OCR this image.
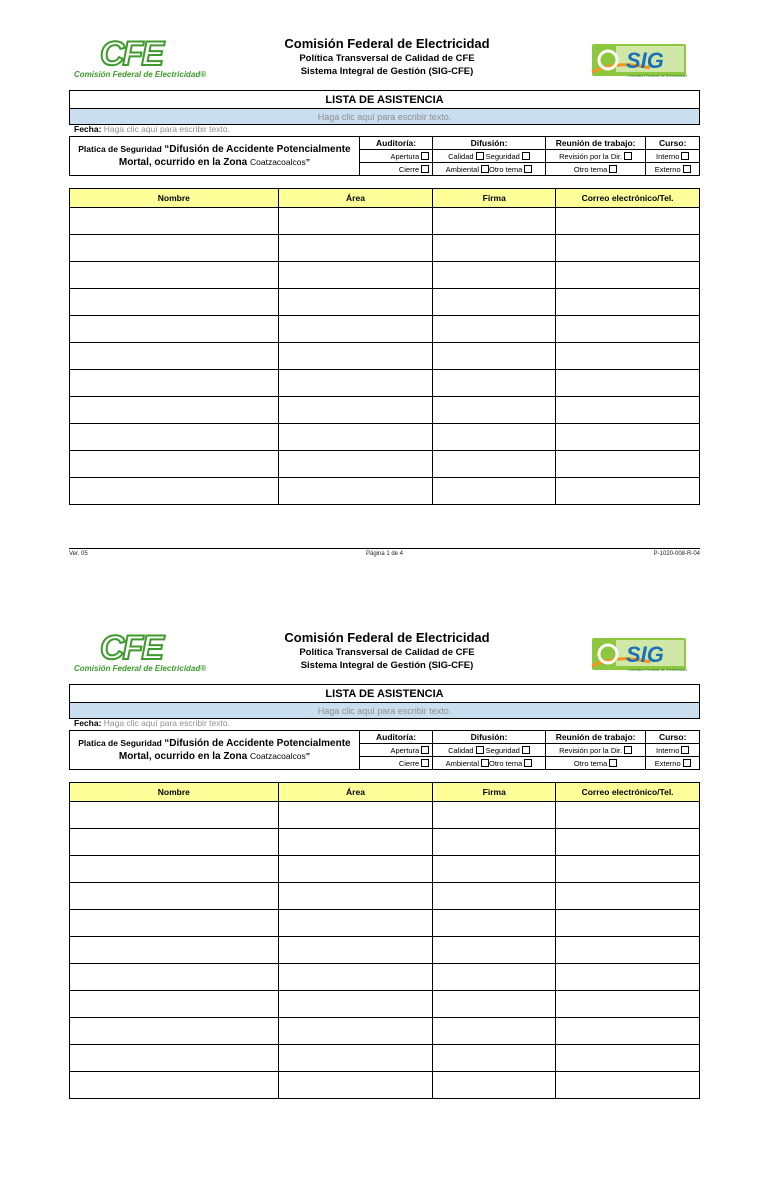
CFE
Comisión Federal de Electricidad®
Comisión Federal de Electricidad
Política Transversal de Calidad de CFE
Sistema Integral de Gestión (SIG-CFE)	SIG
Comisión Federal de Electricidad
LISTA DE ASISTENCIA
Haga clic aquí para escribir texto.
Fecha: Haga clic aquí para escribir texto.
Platica de Seguridad “Difusión de Accidente Potencialmente Mortal, ocurrido en la Zona Coatzacoalcos”	Auditoría:	Difusión:	Reunión de trabajo:	Curso:
	Apertura	Calidad Seguridad	Revisión por la Dir.	Interno
	Cierre	Ambiental Otro tema	Otro tema	Externo
Nombre	Área	Firma	Correo electrónico/Tel.

Ver. 05	Página 1 de 4	P-1020-008-R-04
CFE
Comisión Federal de Electricidad®
Comisión Federal de Electricidad
Política Transversal de Calidad de CFE
Sistema Integral de Gestión (SIG-CFE)	SIG
Comisión Federal de Electricidad
LISTA DE ASISTENCIA
Haga clic aquí para escribir texto.
Fecha: Haga clic aquí para escribir texto.
Platica de Seguridad “Difusión de Accidente Potencialmente Mortal, ocurrido en la Zona Coatzacoalcos”	Auditoría:	Difusión:	Reunión de trabajo:	Curso:
	Apertura	Calidad Seguridad	Revisión por la Dir.	Interno
	Cierre	Ambiental Otro tema	Otro tema	Externo
Nombre	Área	Firma	Correo electrónico/Tel.
